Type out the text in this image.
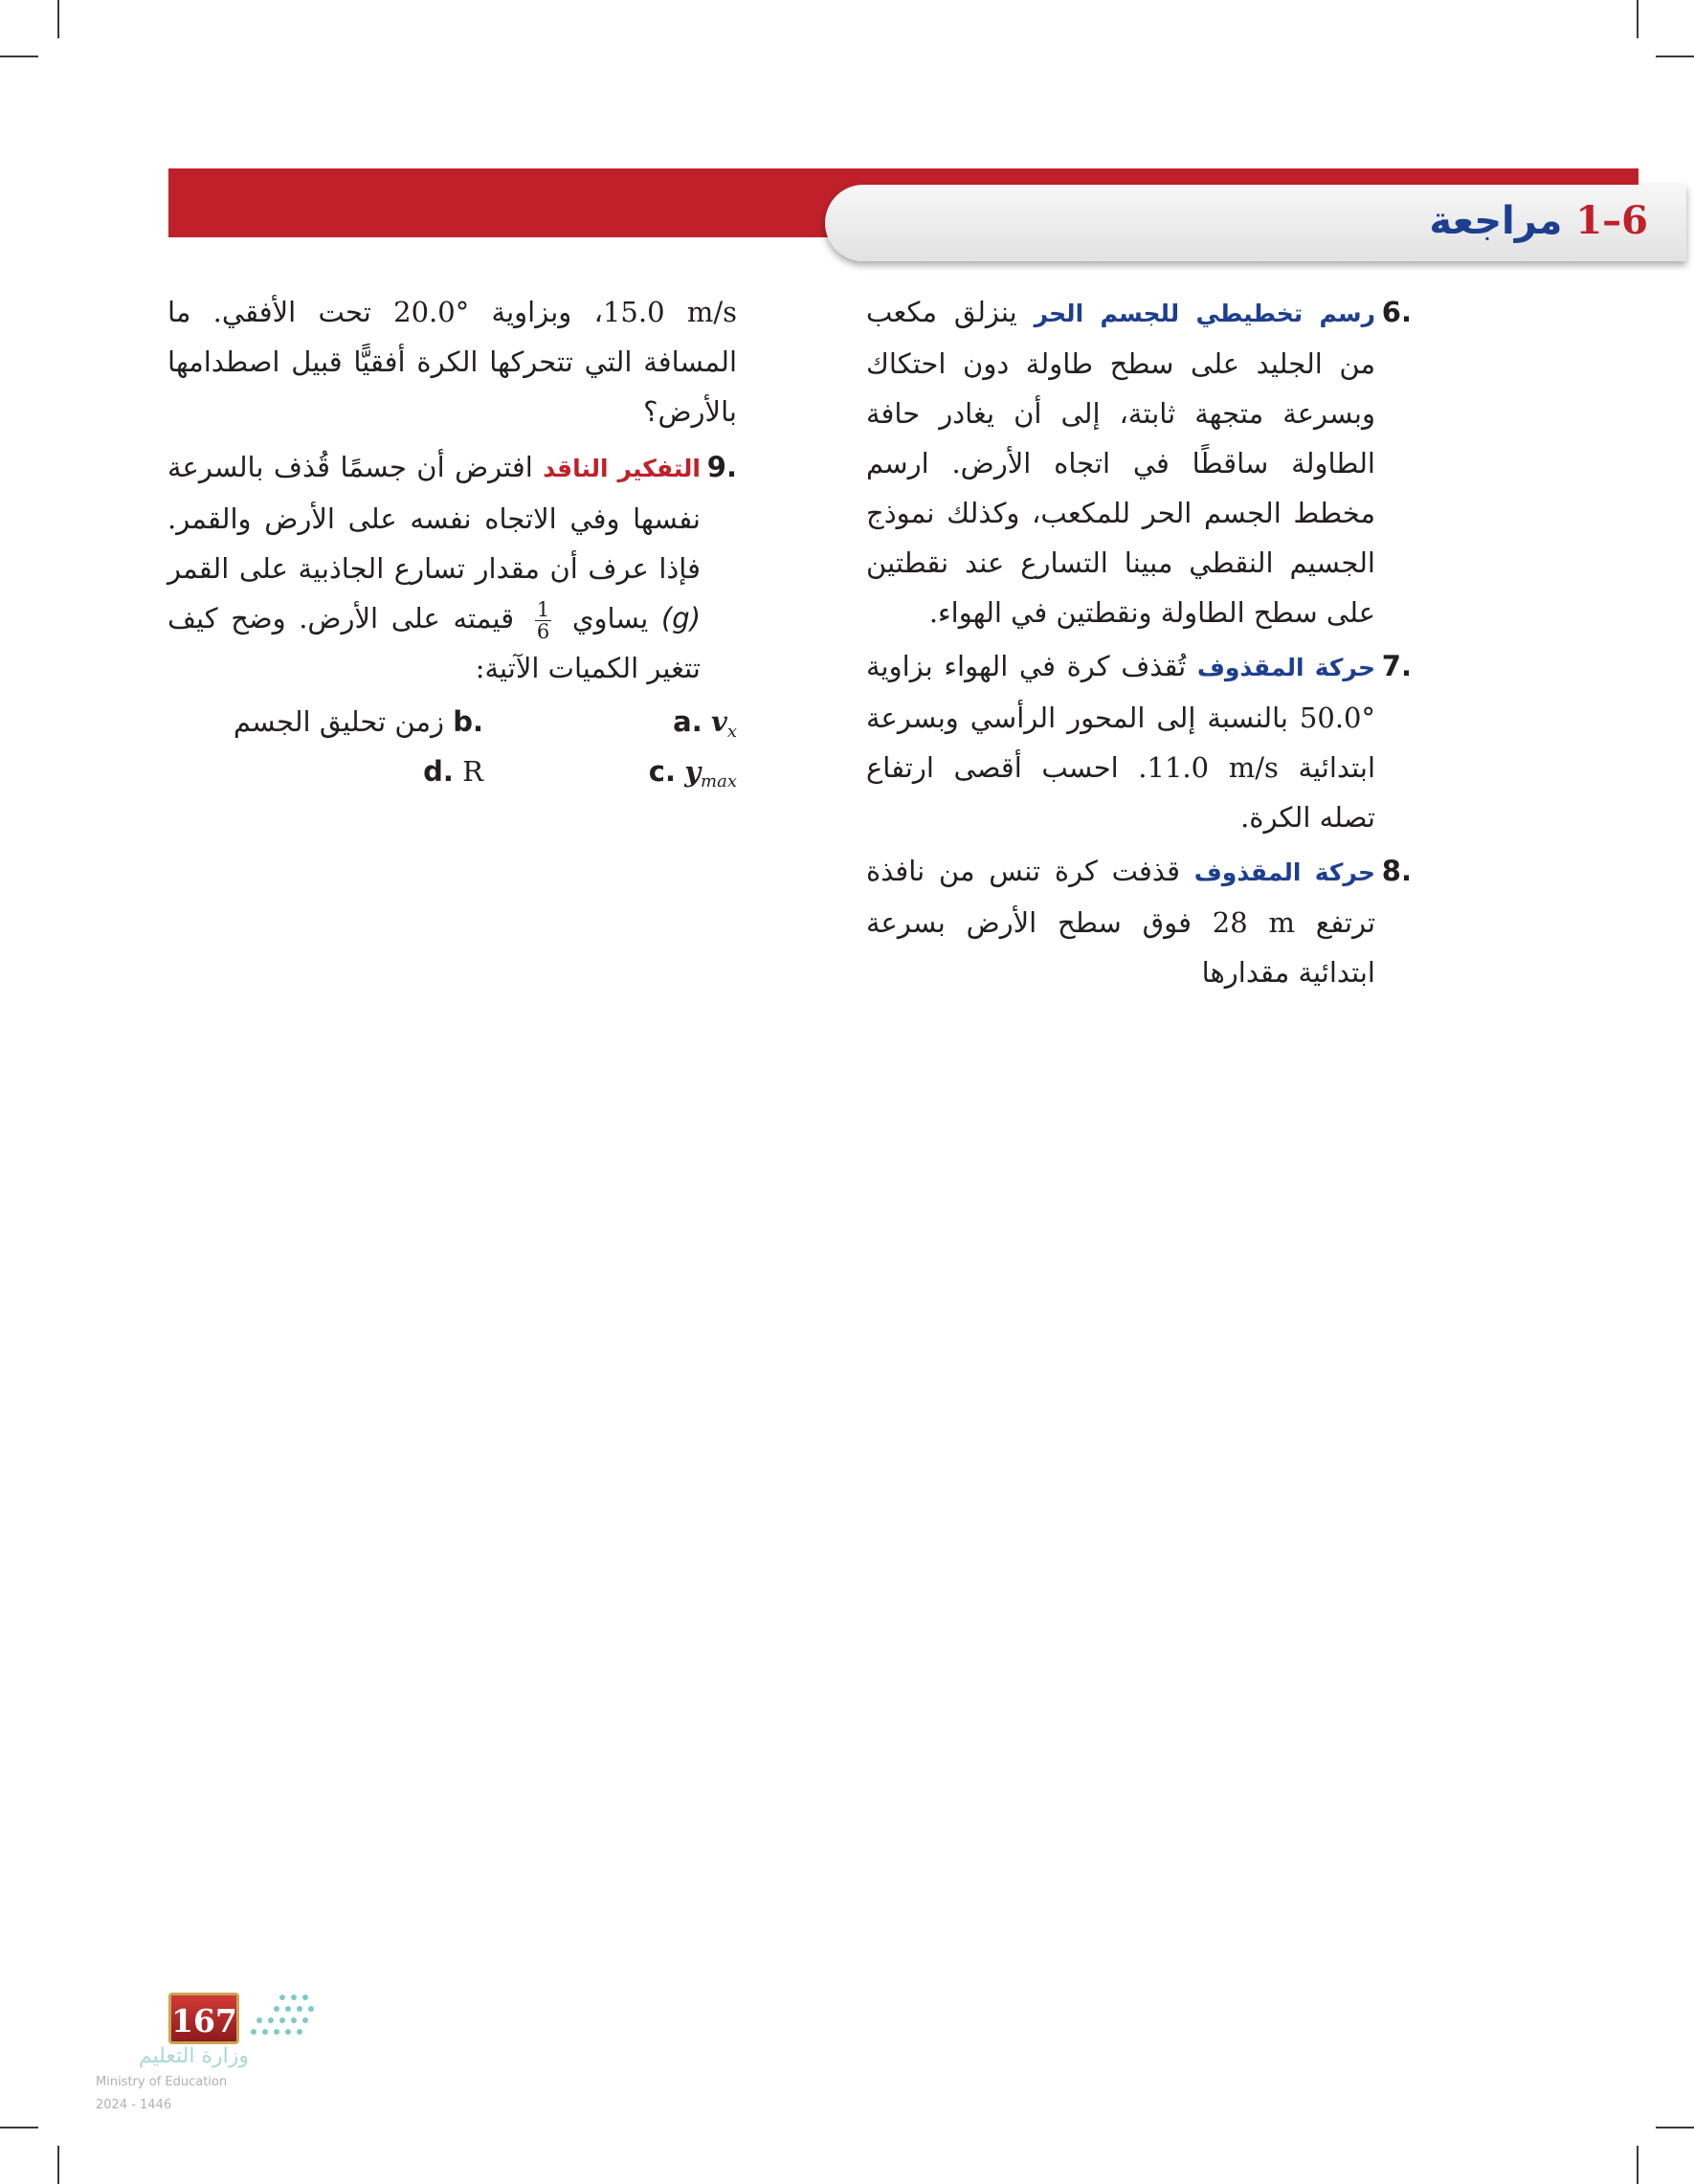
1–6 مراجعة
6.
رسم تخطيطي للجسم الحر ينزلق مكعب من الجليد على سطح طاولة دون احتكاك وبسرعة متجهة ثابتة، إلى أن يغادر حافة الطاولة ساقطًا في اتجاه الأرض. ارسم مخطط الجسم الحر للمكعب، وكذلك نموذج الجسيم النقطي مبينا التسارع عند نقطتين على سطح الطاولة ونقطتين في الهواء.
7.
حركة المقذوف تُقذف كرة في الهواء بزاوية 50.0° بالنسبة إلى المحور الرأسي وبسرعة ابتدائية 11.0 m/s. احسب أقصى ارتفاع تصله الكرة.
8.
حركة المقذوف قذفت كرة تنس من نافذة ترتفع 28 m فوق سطح الأرض بسرعة ابتدائية مقدارها
15.0 m/s، وبزاوية 20.0° تحت الأفقي. ما المسافة التي تتحركها الكرة أفقيًّا قبيل اصطدامها بالأرض؟
9.
التفكير الناقد افترض أن جسمًا قُذف بالسرعة نفسها وفي الاتجاه نفسه على الأرض والقمر. فإذا عرف أن مقدار تسارع الجاذبية على القمر (g) يساوي
$\frac{1}{6}$
قيمته على الأرض. وضح كيف تتغير الكميات الآتية:
a. $v_x$
b. زمن تحليق الجسم
c. $y_{max}$
d. R
167
وزارة التعليم
Ministry of Education
2024 - 1446
